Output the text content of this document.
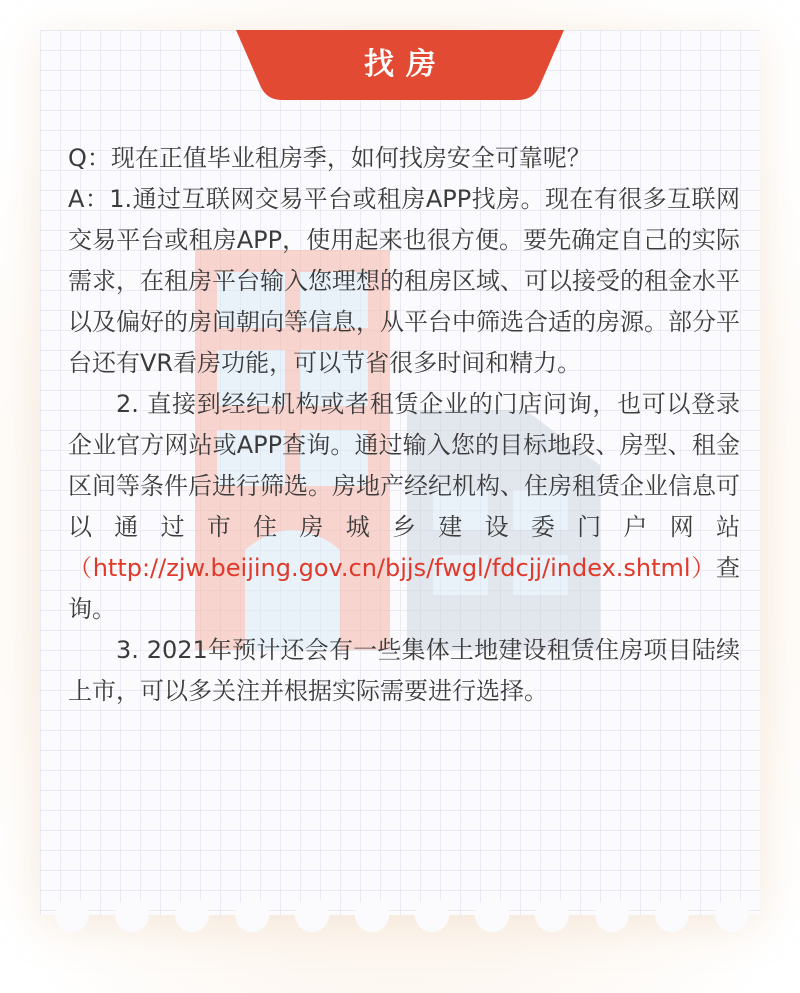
找房

Q：现在正值毕业租房季，如何找房安全可靠呢？

A：1.通过互联网交易平台或租房APP找房。现在有很多互联网交易平台或租房APP，使用起来也很方便。要先确定自己的实际需求，在租房平台输入您理想的租房区域、可以接受的租金水平以及偏好的房间朝向等信息，从平台中筛选合适的房源。部分平台还有VR看房功能，可以节省很多时间和精力。

2. 直接到经纪机构或者租赁企业的门店问询，也可以登录企业官方网站或APP查询。通过输入您的目标地段、房型、租金区间等条件后进行筛选。房地产经纪机构、住房租赁企业信息可以通过市住房城乡建设委门户网站（http://zjw.beijing.gov.cn/bjjs/fwgl/fdcjj/index.shtml）查询。

3. 2021年预计还会有一些集体土地建设租赁住房项目陆续上市，可以多关注并根据实际需要进行选择。
